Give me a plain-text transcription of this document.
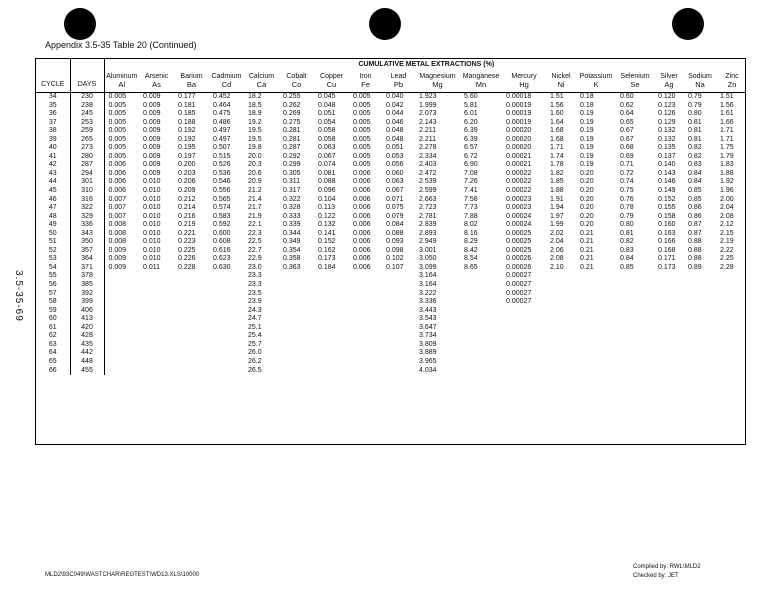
Appendix 3.5-35 Table 20 (Continued)
3.5-35-69
		CUMULATIVE METAL EXTRACTIONS (%)																	
		Aluminum	Arsenic	Barium	Cadmium	Calcium	Cobalt	Copper	Iron	Lead	Magnesium	Manganese	Mercury	Nickel	Potassium	Selenium	Silver	Sodium	Zinc
CYCLE	DAYS	Al	As	Ba	Cd	Ca	Co	Cu	Fe	Pb	Mg	Mn	Hg	Ni	K	Se	Ag	Na	Zn
34	230	0.005	0.009	0.177	0.452	18.2	0.255	0.045	0.005	0.040	1.923	5.60	0.00018	1.51	0.18	0.60	0.120	0.79	1.51
35	238	0.005	0.009	0.181	0.464	18.5	0.262	0.048	0.005	0.042	1.999	5.81	0.00019	1.56	0.18	0.62	0.123	0.79	1.56
36	245	0.005	0.009	0.185	0.475	18.9	0.269	0.051	0.005	0.044	2.073	6.01	0.00019	1.60	0.19	0.64	0.126	0.80	1.61
37	253	0.005	0.009	0.188	0.486	19.2	0.275	0.054	0.005	0.046	2.143	6.20	0.00019	1.64	0.19	0.65	0.129	0.81	1.66
38	259	0.005	0.009	0.192	0.497	19.5	0.281	0.058	0.005	0.048	2.211	6.39	0.00020	1.68	0.19	0.67	0.132	0.81	1.71
39	265	0.005	0.009	0.192	0.497	19.5	0.281	0.058	0.005	0.048	2.211	6.39	0.00020	1.68	0.19	0.67	0.132	0.81	1.71
40	273	0.005	0.009	0.195	0.507	19.8	0.287	0.063	0.005	0.051	2.278	6.57	0.00020	1.71	0.19	0.68	0.135	0.82	1.75
41	280	0.005	0.009	0.197	0.515	20.0	0.292	0.067	0.005	0.053	2.334	6.72	0.00021	1.74	0.19	0.69	0.137	0.82	1.79
42	287	0.006	0.009	0.200	0.526	20.3	0.299	0.074	0.005	0.056	2.403	6.90	0.00021	1.78	0.19	0.71	0.140	0.83	1.83
43	294	0.006	0.009	0.203	0.536	20.6	0.305	0.081	0.006	0.060	2.472	7.08	0.00022	1.82	0.20	0.72	0.143	0.84	1.88
44	301	0.006	0.010	0.206	0.546	20.9	0.311	0.088	0.006	0.063	2.539	7.26	0.00022	1.85	0.20	0.74	0.146	0.84	1.92
45	310	0.006	0.010	0.209	0.556	21.2	0.317	0.096	0.006	0.067	2.599	7.41	0.00022	1.88	0.20	0.75	0.149	0.85	1.96
46	316	0.007	0.010	0.212	0.565	21.4	0.322	0.104	0.006	0.071	2.663	7.58	0.00023	1.91	0.20	0.76	0.152	0.85	2.00
47	322	0.007	0.010	0.214	0.574	21.7	0.328	0.113	0.006	0.075	2.723	7.73	0.00023	1.94	0.20	0.78	0.155	0.86	2.04
48	329	0.007	0.010	0.216	0.583	21.9	0.333	0.122	0.006	0.079	2.781	7.88	0.00024	1.97	0.20	0.79	0.158	0.86	2.08
49	336	0.008	0.010	0.219	0.592	22.1	0.339	0.132	0.006	0.084	2.839	8.02	0.00024	1.99	0.20	0.80	0.160	0.87	2.12
50	343	0.008	0.010	0.221	0.600	22.3	0.344	0.141	0.006	0.088	2.893	8.16	0.00025	2.02	0.21	0.81	0.163	0.87	2.15
51	350	0.008	0.010	0.223	0.608	22.5	0.349	0.152	0.006	0.093	2.949	8.29	0.00025	2.04	0.21	0.82	0.166	0.88	2.19
52	357	0.009	0.010	0.225	0.616	22.7	0.354	0.162	0.006	0.098	3.001	8.42	0.00025	2.06	0.21	0.83	0.168	0.88	2.22
53	364	0.009	0.010	0.226	0.623	22.9	0.358	0.173	0.006	0.102	3.050	8.54	0.00026	2.08	0.21	0.84	0.171	0.88	2.25
54	371	0.009	0.011	0.228	0.630	23.0	0.363	0.184	0.006	0.107	3.099	8.65	0.00026	2.10	0.21	0.85	0.173	0.89	2.28
55	378					23.3					3.164		0.00027						
56	385					23.3					3.164		0.00027						
57	392					23.5					3.222		0.00027						
58	399					23.9					3.336		0.00027						
59	406					24.3					3.443								
60	413					24.7					3.543								
61	420					25.1					3.647								
62	428					25.4					3.734								
63	435					25.7					3.809								
64	442					26.0					3.889								
65	448					26.2					3.965								
66	455					26.5					4.034								
MLD2\93C049\WASTCHAR\REGTEST\WD13.XLS\10000
Compiled by: RWL\MLD2
Checked by: JET
